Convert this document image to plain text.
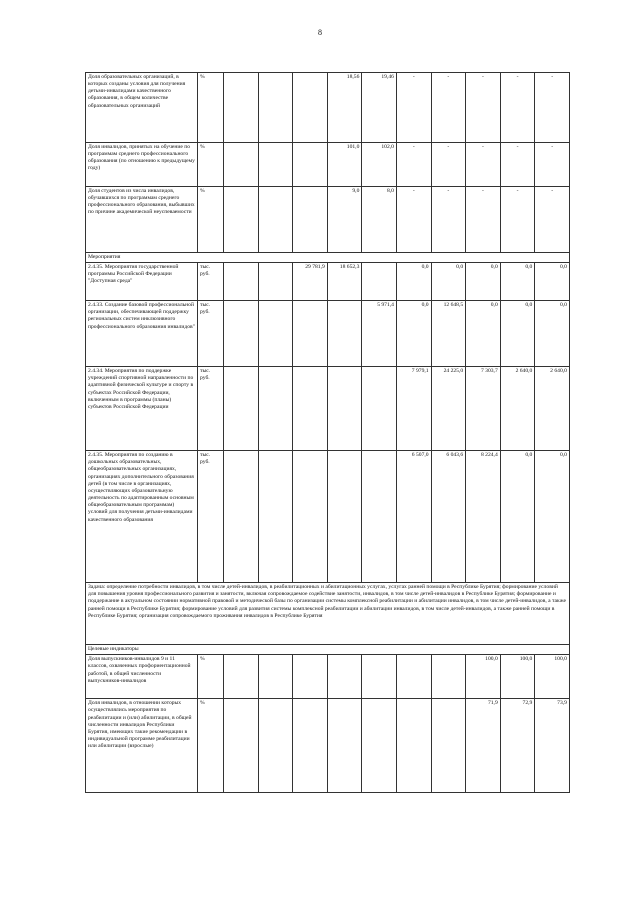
8
Доля образовательных организаций, в которых созданы условия для получения детьми-инвалидами качественного образования, в общем количестве образовательных организаций	%				18,56	19,46	-	-	-	-	-
Доля инвалидов, принятых на обучение по программам среднего профессионального образования (по отношению к предыдущему году)	%				101,0	102,0	-	-	-	-	-
Доля студентов из числа инвалидов, обучавшихся по программам среднего профессионального образования, выбывших по причине академической неуспеваемости	%				9,0	8,0	-	-	-	-	-
Мероприятия											
2.4.35. Мероприятия государственной программы Российской Федерации "Доступная среда"	тыс. руб.			29 781,9	18 652,3		0,0	0,0	0,0	0,0	0,0
2.4.33. Создание базовой профессиональной организации, обеспечивающей поддержку региональных систем инклюзивного профессионального образования инвалидов"	тыс. руб.					5 971,4	0,0	12 648,5	0,0	0,0	0,0
2.4.34. Мероприятия по поддержке учреждений спортивной направленности по адаптивной физической культуре и спорту в субъектах Российской Федерации, включенным в программы (планы) субъектов Российской Федерации	тыс. руб.						7 979,1	24 225,0	7 303,7	2 640,0	2 640,0
2.4.35. Мероприятия по созданию в дошкольных образовательных, общеобразовательных организациях, организациях дополнительного образования детей (в том числе в организациях, осуществляющих образовательную деятельность по адаптированным основным общеобразовательным программам) условий для получения детьми-инвалидами качественного образования	тыс. руб.						6 507,0	6 043,6	8 224,4	0,0	0,0
Задача: определение потребности инвалидов, в том числе детей-инвалидов, в реабилитационных и абилитационных услугах, услугах ранней помощи в Республике Бурятия; формирование условий для повышения уровня профессионального развития и занятости, включая сопровождаемое содействие занятости, инвалидов, в том числе детей-инвалидов в Республике Бурятия; формирование и поддержание в актуальном состоянии нормативной правовой и методической базы по организации системы комплексной реабилитации и абилитации инвалидов, в том числе детей-инвалидов, а также ранней помощи в Республике Бурятия; формирование условий для развития системы комплексной реабилитации и абилитации инвалидов, в том числе детей-инвалидов, а также ранней помощи в Республике Бурятия; организация сопровождаемого проживания инвалидов в Республике Бурятия											
Целевые индикаторы											
Доля выпускников-инвалидов 9 и 11 классов, охваченных профориентационной работой, в общей численности выпускников-инвалидов	%								100,0	100,0	100,0
Доля инвалидов, в отношении которых осуществлялись мероприятия по реабилитации и (или) абилитации, в общей численности инвалидов Республики Бурятия, имеющих такие рекомендации в индивидуальной программе реабилитации или абилитации (взрослые)	%								71,9	72,9	73,9
